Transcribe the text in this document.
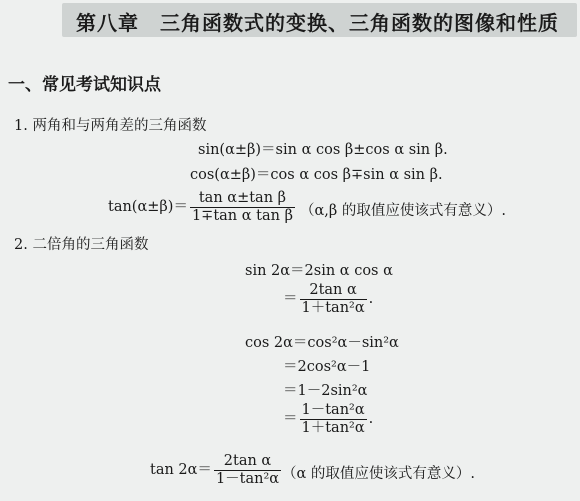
第八章　三角函数式的变换、三角函数的图像和性质
一、常见考试知识点
1. 两角和与两角差的三角函数
sin(α±β)＝sin α cos β±cos α sin β.
cos(α±β)＝cos α cos β∓sin α sin β.
$\tan(\alpha\pm\beta)= \frac{\text{tan α±tan β}}{\text{1∓tan α tan β}} (\alpha,\beta$ 的取值应使该式有意义）.
2. 二倍角的三角函数
sin 2α＝2sin α cos α
＝ $\frac{\text{2tan α}}{\text{1＋tan²α}}$ .
cos 2α＝cos²α－sin²α
＝2cos²α－1
＝1－2sin²α
＝ $\frac{\text{1－tan²α}}{\text{1＋tan²α}}$ .
$\tan 2\alpha= \frac{\text{2tan α}}{\text{1－tan²α}} (\alpha$ 的取值应使该式有意义）.
